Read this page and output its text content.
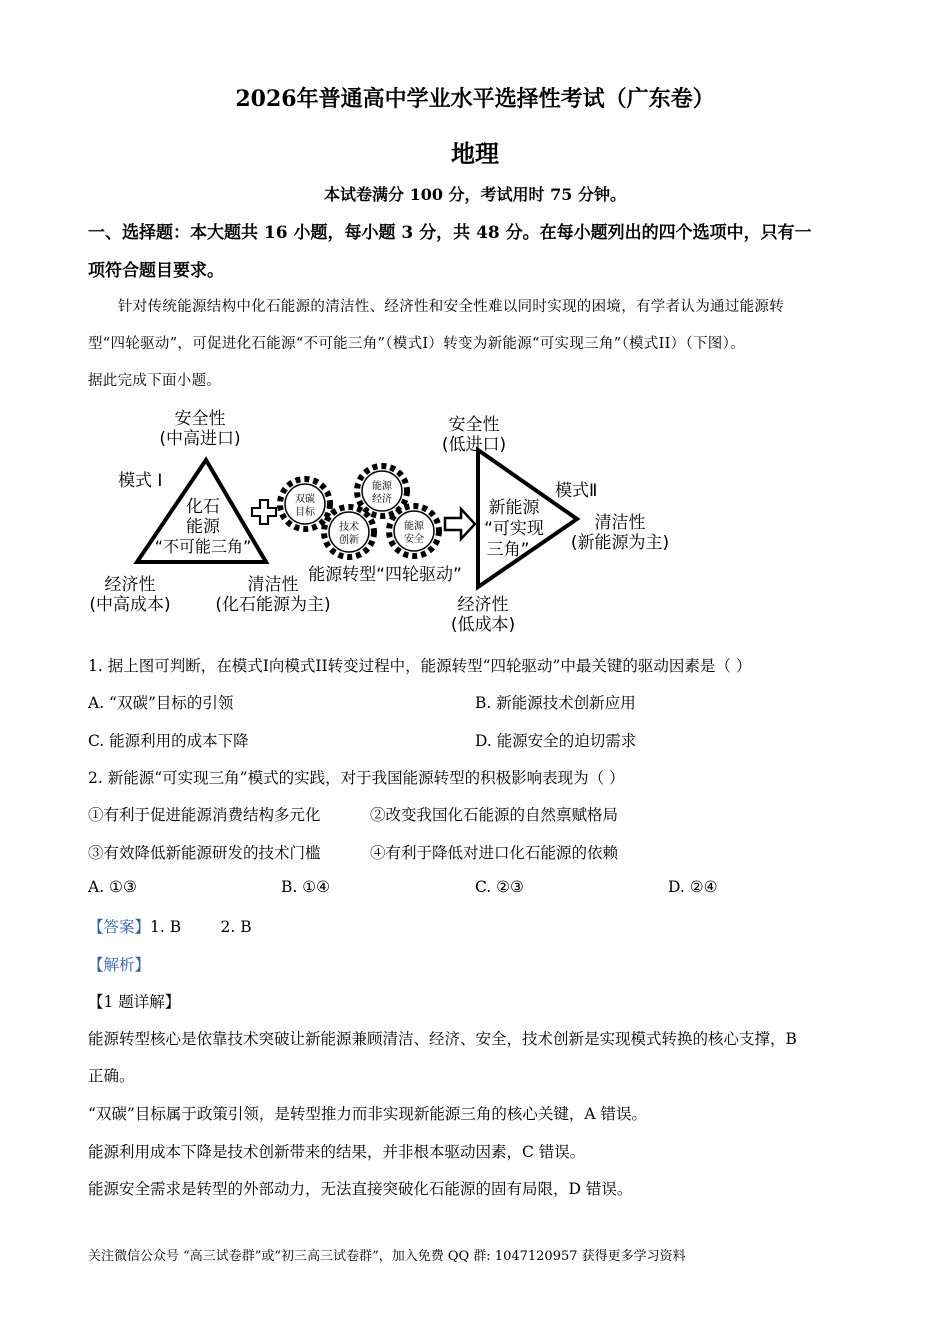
2026年普通高中学业水平选择性考试（广东卷）
地理
本试卷满分 100 分，考试用时 75 分钟。
一、选择题：本大题共 16 小题，每小题 3 分，共 48 分。在每小题列出的四个选项中，只有一
项符合题目要求。
针对传统能源结构中化石能源的清洁性、经济性和安全性难以同时实现的困境，有学者认为通过能源转
型“四轮驱动”，可促进化石能源“不可能三角”（模式I）转变为新能源“可实现三角”（模式II）（下图）。
据此完成下面小题。
安全性
(中高进口)
模式 I
化石
能源
“不可能三角”
经济性
(中高成本)
清洁性
(化石能源为主)
双碳
目标
能源
经济
技术
创新
能源
安全
能源转型“四轮驱动”
安全性
(低进口)
模式Ⅱ
新能源
“可实现
三角”
清洁性
(新能源为主)
经济性
(低成本)
1. 据上图可判断，在模式I向模式II转变过程中，能源转型“四轮驱动”中最关键的驱动因素是（ ）
A. “双碳”目标的引领	B. 新能源技术创新应用
C. 能源利用的成本下降	D. 能源安全的迫切需求
2. 新能源“可实现三角”模式的实践，对于我国能源转型的积极影响表现为（ ）
①有利于促进能源消费结构多元化	②改变我国化石能源的自然禀赋格局
③有效降低新能源研发的技术门槛	④有利于降低对进口化石能源的依赖
A. ①③	B. ①④	C. ②③	D. ②④
【答案】1. B        2. B
【解析】
【1 题详解】
能源转型核心是依靠技术突破让新能源兼顾清洁、经济、安全，技术创新是实现模式转换的核心支撑，B
正确。
“双碳”目标属于政策引领，是转型推力而非实现新能源三角的核心关键，A 错误。
能源利用成本下降是技术创新带来的结果，并非根本驱动因素，C 错误。
能源安全需求是转型的外部动力，无法直接突破化石能源的固有局限，D 错误。
关注微信公众号 “高三试卷群”或“初三高三试卷群”，加入免费 QQ 群: 1047120957 获得更多学习资料
